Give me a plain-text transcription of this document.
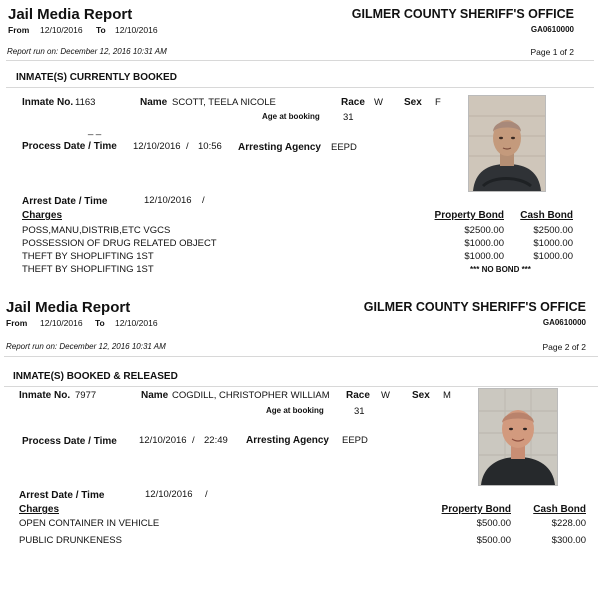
Jail Media Report
From 12/10/2016 To 12/10/2016
GILMER COUNTY SHERIFF'S OFFICE
GA0610000
Report run on: December 12, 2016 10:31 AM	Page 1 of 2
INMATE(S) CURRENTLY BOOKED
Inmate No. 1163	Name SCOTT, TEELA NICOLE	Race W Sex F
Age at booking 31
_ _
Process Date / Time 12/10/2016 / 10:56 Arresting Agency EEPD
Arrest Date / Time	12/10/2016 /
Charges	Property Bond Cash Bond
POSS,MANU,DISTRIB,ETC VGCS	$2500.00	$2500.00
POSSESSION OF DRUG RELATED OBJECT	$1000.00	$1000.00
THEFT BY SHOPLIFTING 1ST	$1000.00	$1000.00
THEFT BY SHOPLIFTING 1ST	*** NO BOND ***
Jail Media Report
From 12/10/2016 To 12/10/2016
GILMER COUNTY SHERIFF'S OFFICE
GA0610000
Report run on: December 12, 2016 10:31 AM	Page 2 of 2
INMATE(S) BOOKED & RELEASED
Inmate No. 7977	Name COGDILL, CHRISTOPHER WILLIAM Race W Sex M
Age at booking	31
Process Date / Time 12/10/2016 / 22:49 Arresting Agency EEPD
Arrest Date / Time	12/10/2016 /
Charges	Property Bond Cash Bond
OPEN CONTAINER IN VEHICLE	$500.00	$228.00
PUBLIC DRUNKENESS	$500.00	$300.00
